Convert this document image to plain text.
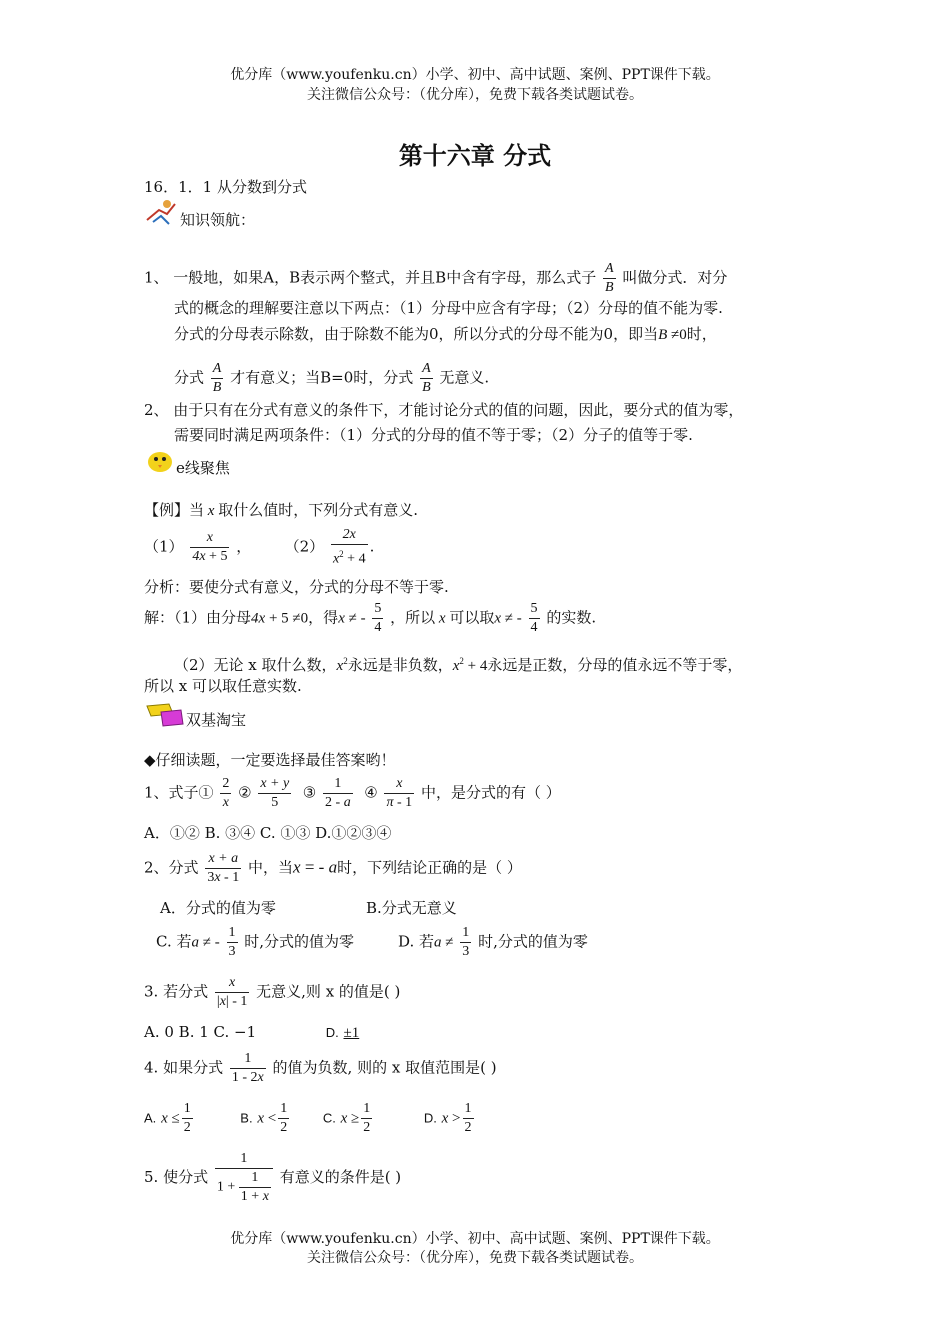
优分库（www.youfenku.cn）小学、初中、高中试题、案例、PPT课件下载。
关注微信公众号：（优分库），免费下载各类试题试卷。
第十六章 分式
16．1．1 从分数到分式
知识领航：
1、 一般地，如果A，B表示两个整式，并且B中含有字母，那么式子 $\frac{A}{B}$ 叫做分式．对分
式的概念的理解要注意以下两点：（1）分母中应含有字母；（2）分母的值不能为零.
分式的分母表示除数，由于除数不能为0，所以分式的分母不能为0，即当B ≠0时，
分式 $\frac{A}{B}$ 才有意义；当B=0时，分式 $\frac{A}{B}$ 无意义.
2、 由于只有在分式有意义的条件下，才能讨论分式的值的问题，因此，要分式的值为零，
需要同时满足两项条件：（1）分式的分母的值不等于零；（2）分子的值等于零.
e线聚焦
【例】当 x 取什么值时，下列分式有意义.
$(1) \frac{x}{4x + 5}$ ，       $(2) \frac{2x}{x^2 + 4}$ .
分析：要使分式有意义，分式的分母不等于零.
解：（1）由分母4x + 5 ≠0，得x ≠ - $\frac{5}{4}$ ，所以 x 可以取x ≠ - $\frac{5}{4}$ 的实数.
（2）无论 x 取什么数，$x^2$永远是非负数，$x^2 + 4$永远是正数，分母的值永远不等于零，
所以 x 可以取任意实数.
双基淘宝
◆仔细读题，一定要选择最佳答案哟！
1、式子① $\frac{2}{x}$ ② $\frac{x + y}{5}$ ③ $\frac{1}{2 - a}$ ④ $\frac{x}{\pi - 1}$ 中，是分式的有（ ）
A．①② B. ③④ C. ①③ D.①②③④
2、分式 $\frac{x + a}{3x - 1}$ 中，当x = - a时，下列结论正确的是（ ）
A．分式的值为零	B.分式无意义
C. 若a ≠ - $\frac{1}{3}$ 时,分式的值为零	D. 若$a \ne \frac{1}{3}$ 时,分式的值为零
3. 若分式 $\frac{x}{|x| - 1}$ 无意义,则 x 的值是( )
A. 0 B. 1 C. −1	D. ±1
4. 如果分式 $\frac{1}{1 - 2x}$ 的值为负数, 则的 x 取值范围是( )
A. $x \le \frac{1}{2}$	B. $x < \frac{1}{2}$	C. $x \ge \frac{1}{2}$	D. $x > \frac{1}{2}$
5. 使分式 $\frac{1}{1 + \frac{1}{1 + x}}$ 有意义的条件是( )
优分库（www.youfenku.cn）小学、初中、高中试题、案例、PPT课件下载。
关注微信公众号：（优分库），免费下载各类试题试卷。
